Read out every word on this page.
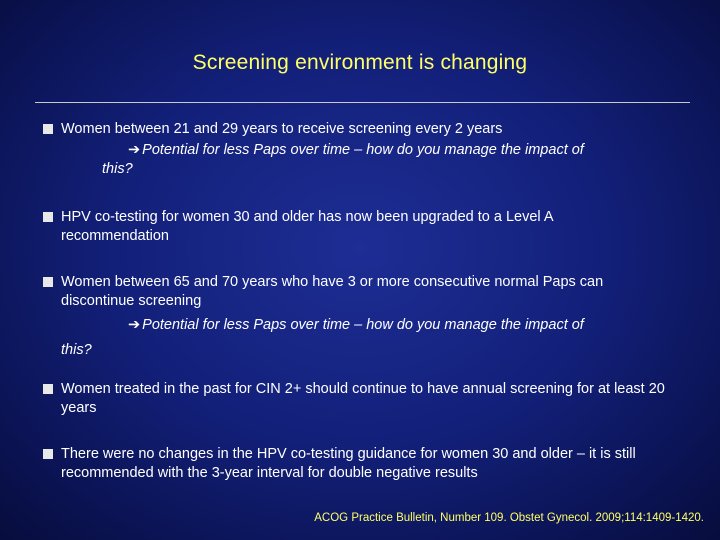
Screening environment is changing
Women between 21 and 29 years to receive screening every 2 years
➔ Potential for less Paps over time – how do you manage the impact of
this?
HPV co-testing for women 30 and older has now been upgraded to a Level A recommendation
Women between 65 and 70 years who have 3 or more consecutive normal Paps can discontinue screening
➔ Potential for less Paps over time – how do you manage the impact of
this?
Women treated in the past for CIN 2+ should continue to have annual screening for at least 20 years
There were no changes in the HPV co-testing guidance for women 30 and older – it is still recommended with the 3-year interval for double negative results
ACOG Practice Bulletin, Number 109. Obstet Gynecol. 2009;114:1409-1420.
